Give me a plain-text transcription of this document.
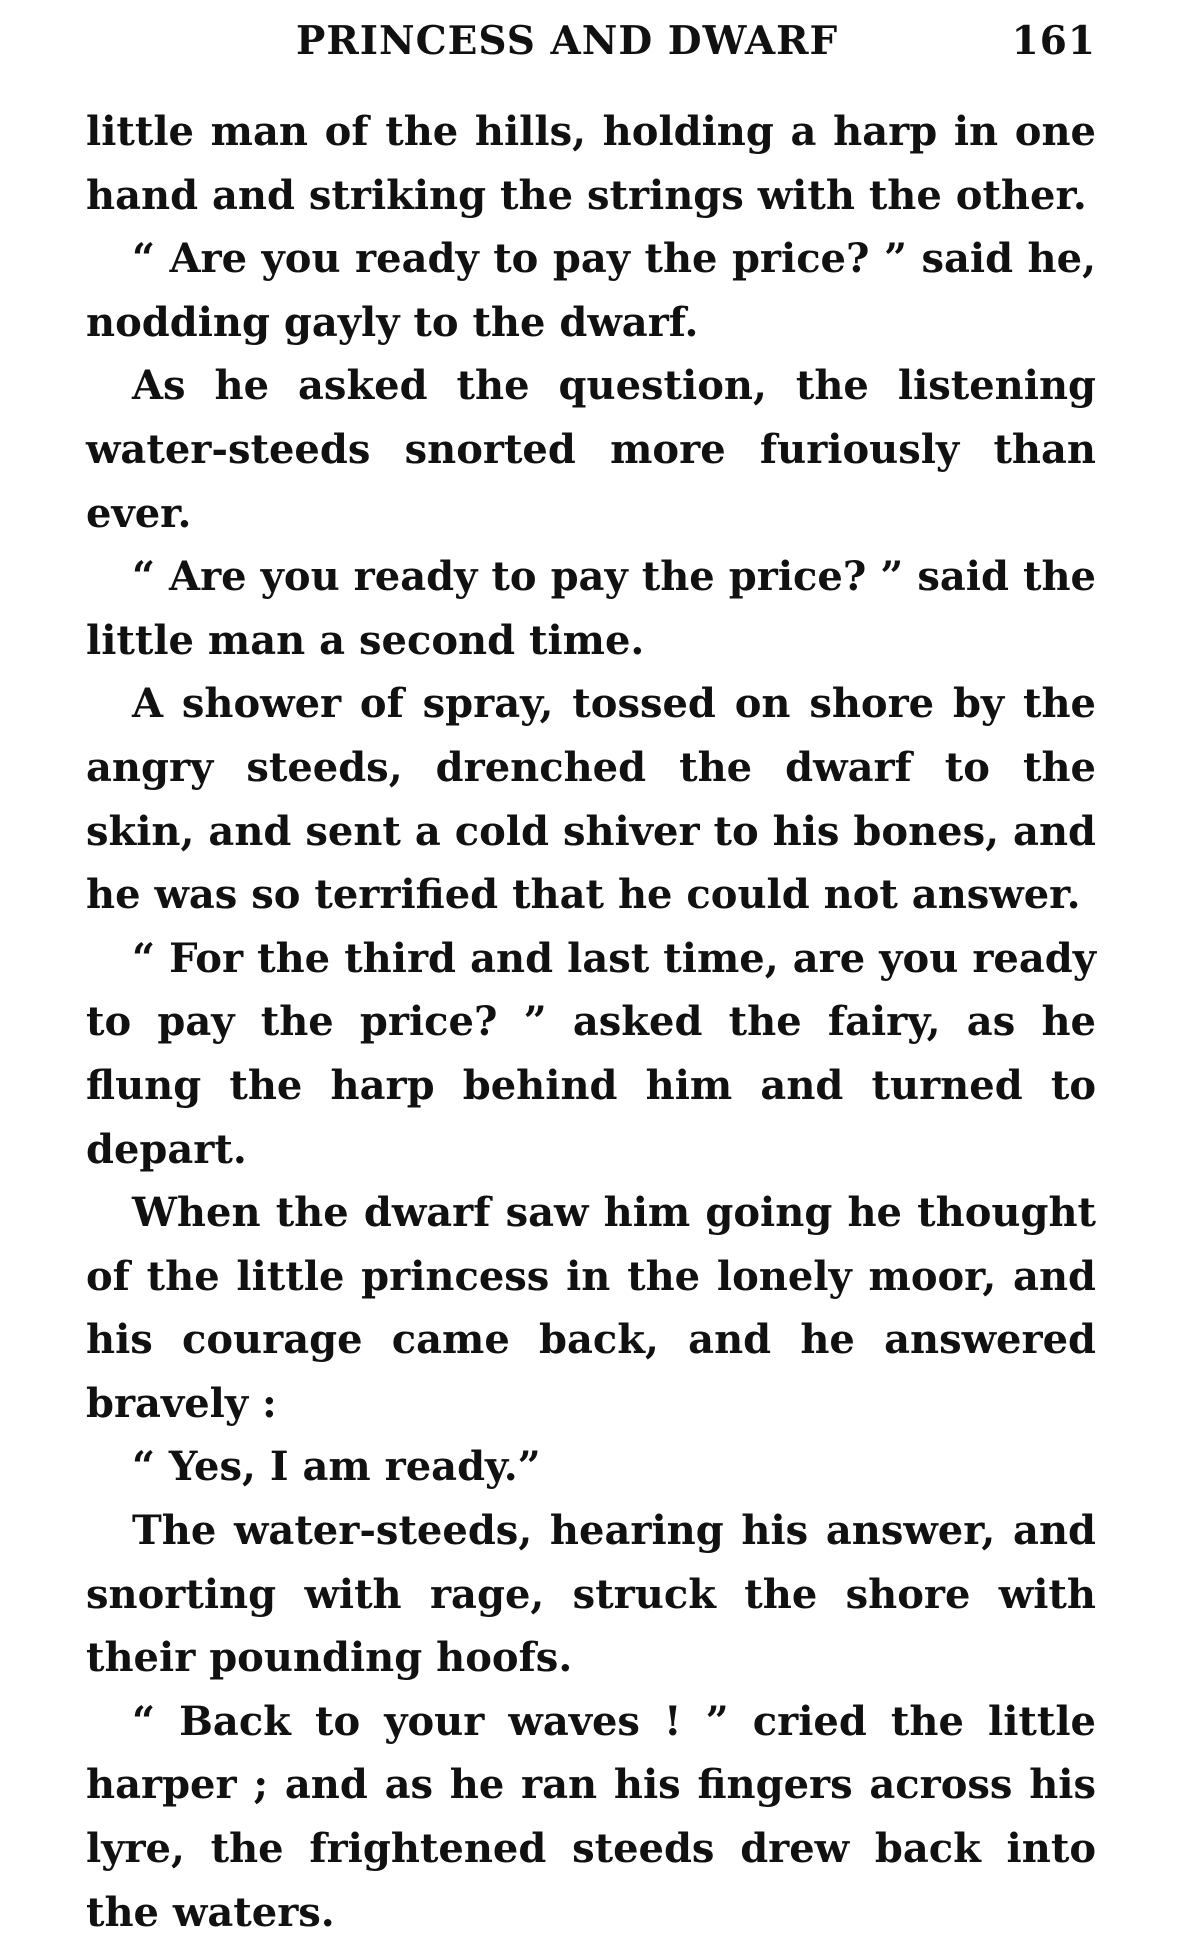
PRINCESS AND DWARF	161

little man of the hills, holding a harp in one hand and striking the strings with the other.

“ Are you ready to pay the price? ” said he, nodding gayly to the dwarf.

As he asked the question, the listening water-steeds snorted more furiously than ever.

“ Are you ready to pay the price? ” said the little man a second time.

A shower of spray, tossed on shore by the angry steeds, drenched the dwarf to the skin, and sent a cold shiver to his bones, and he was so terrified that he could not answer.

“ For the third and last time, are you ready to pay the price? ” asked the fairy, as he flung the harp behind him and turned to depart.

When the dwarf saw him going he thought of the little princess in the lonely moor, and his courage came back, and he answered bravely :

“ Yes, I am ready.”

The water-steeds, hearing his answer, and snorting with rage, struck the shore with their pounding hoofs.

“ Back to your waves ! ” cried the little harper ; and as he ran his fingers across his lyre, the frightened steeds drew back into the waters.
